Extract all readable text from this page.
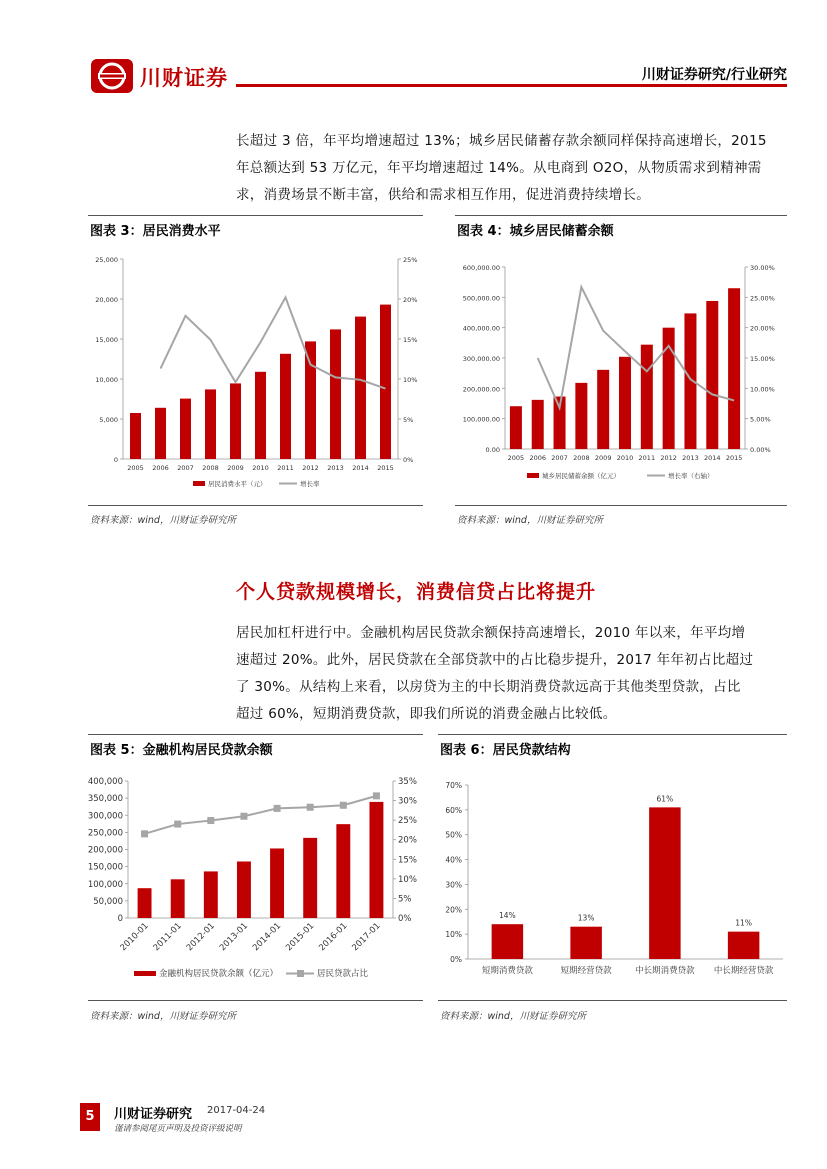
川财证券	川财证券研究/行业研究

长超过 3 倍，年平均增速超过 13%；城乡居民储蓄存款余额同样保持高速增长，2015

年总额达到 53 万亿元，年平均增速超过 14%。从电商到 O2O，从物质需求到精神需

求，消费场景不断丰富，供给和需求相互作用，促进消费持续增长。

图表 3：居民消费水平
资料来源：wind，川财证券研究所
图表 4：城乡居民储蓄余额
资料来源：wind，川财证券研究所
0
5,000
10,000
15,000
20,000
25,000
0%
5%
10%
15%
20%
25%
2005 2006 2007 2008 2009 2010 2011 2012 2013 2014 2015
居民消费水平（元）	增长率
0.00
100,000.00
200,000.00
300,000.00
400,000.00
500,000.00
600,000.00
0.00%
5.00%
10.00%
15.00%
20.00%
25.00%
30.00%
2005 2006 2007 2008 2009 2010 2011 2012 2013 2014 2015
城乡居民储蓄余额（亿元）	增长率（右轴）
个人贷款规模增长，消费信贷占比将提升

居民加杠杆进行中。金融机构居民贷款余额保持高速增长，2010 年以来，年平均增

速超过 20%。此外，居民贷款在全部贷款中的占比稳步提升，2017 年年初占比超过

了 30%。从结构上来看，以房贷为主的中长期消费贷款远高于其他类型贷款，占比

超过 60%，短期消费贷款，即我们所说的消费金融占比较低。

图表 5：金融机构居民贷款余额
资料来源：wind，川财证券研究所
图表 6：居民贷款结构
资料来源：wind，川财证券研究所
0
50,000
100,000
150,000
200,000
250,000
300,000
350,000
400,000
0%
5%
10%
15%
20%
25%
30%
35%
2010-01 2011-01 2012-01 2013-01 2014-01 2015-01 2016-01 2017-01
金融机构居民贷款余额（亿元）	居民贷款占比
0%
10%
20%
30%
40%
50%
60%
70%
14%
短期消费贷款
13%
短期经营贷款
61%
中长期消费贷款
11%
中长期经营贷款
5	川财证券研究 2017-04-24
谨请参阅尾页声明及投资评级说明
